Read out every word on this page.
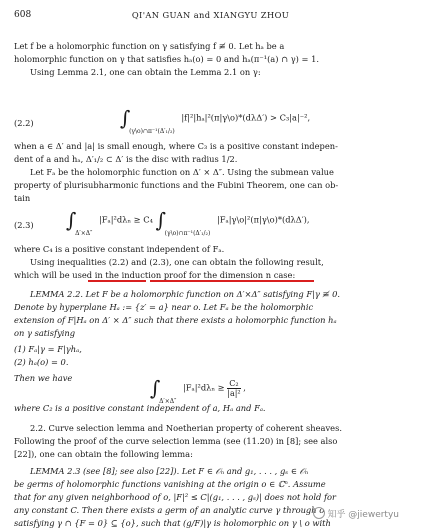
608	QI'AN GUAN and XIANGYU ZHOU
Let f be a holomorphic function on γ satisfying f ≢ 0. Let hₐ be a
holomorphic function on γ that satisfies hₐ(o) = 0 and hₐ(π⁻¹(a) ∩ γ) = 1.
Using Lemma 2.1, one can obtain the Lemma 2.1 on γ:
(2.2)	∫ $_{(\gamma\backslash o)\cap\pi^{-1}(\Delta'_1/_2)}$ |f|²|hₐ|²(π|γ\o)*(dλΔ′) > C₃|a|⁻²,
when a ∈ Δ′ and |a| is small enough, where C₃ is a positive constant indepen-
dent of a and hₐ, Δ′₁/₂ ⊂ Δ′ is the disc with radius 1/2.
Let Fₐ be the holomorphic function on Δ′ × Δ″. Using the submean value
property of plurisubharmonic functions and the Fubini Theorem, one can ob-
tain
(2.3) ∫ $_{\Delta'\times\Delta''}$ |Fₐ|²dλₙ ≥ C₄ ∫ $_{(\gamma\backslash o)\cap\pi^{-1}(\Delta'_1/_2)}$ |Fₐ|γ\o|²(π|γ\o)*(dλΔ′),
where C₄ is a positive constant independent of Fₐ.
Using inequalities (2.2) and (2.3), one can obtain the following result,
which will be used in the induction proof for the dimension n case:
LEMMA 2.2. Let F be a holomorphic function on Δ′×Δ″ satisfying F|γ ≢ 0.
Denote by hyperplane Hₐ := {z′ = a} near o. Let Fₐ be the holomorphic
extension of F|Hₐ on Δ′ × Δ″ such that there exists a holomorphic function hₐ
on γ satisfying
(1) Fₐ|γ = F|γhₐ,
(2) hₐ(o) = 0.
Then we have	∫ $_{\Delta'\times\Delta''}$ $|F_a|^2d\lambda_n \ge \frac{\text{C₂}}{\text{|a|²}}$ ,
where C₂ is a positive constant independent of a, Hₐ and Fₐ.
2.2. Curve selection lemma and Noetherian property of coherent sheaves.
Following the proof of the curve selection lemma (see (11.20) in [8]; see also
[22]), one can obtain the following lemma:
LEMMA 2.3 (see [8]; see also [22]). Let F ∈ 𝒪ₙ and g₁, . . . , gₛ ∈ 𝒪ₙ
be germs of holomorphic functions vanishing at the origin o ∈ ℂⁿ. Assume
that for any given neighborhood of o, |F|² ≤ C|(g₁, . . . , gₛ)| does not hold for
any constant C. Then there exists a germ of an analytic curve γ through o
satisfying γ ∩ {F = 0} ⊆ {o}, such that (g/F)|γ is holomorphic on γ \ o with
知乎 @jiewertyu
